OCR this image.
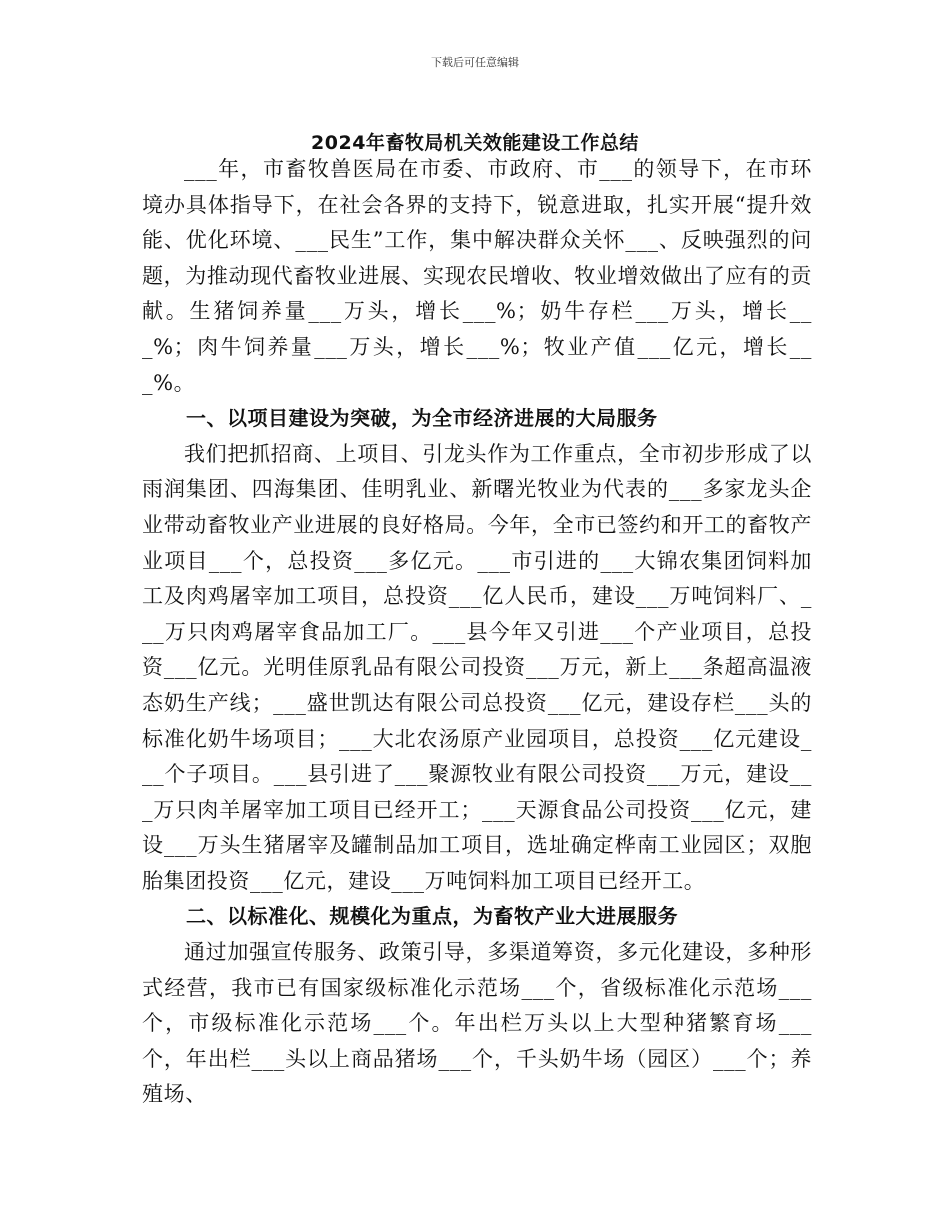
下载后可任意编辑
2024年畜牧局机关效能建设工作总结

___年，市畜牧兽医局在市委、市政府、市___的领导下，在市环境办具体指导下，在社会各界的支持下，锐意进取，扎实开展“提升效能、优化环境、___民生”工作，集中解决群众关怀___、反映强烈的问题，为推动现代畜牧业进展、实现农民增收、牧业增效做出了应有的贡献。生猪饲养量___万头，增长___%；奶牛存栏___万头，增长___%；肉牛饲养量___万头，增长___%；牧业产值___亿元，增长___%。

一、以项目建设为突破，为全市经济进展的大局服务

我们把抓招商、上项目、引龙头作为工作重点，全市初步形成了以雨润集团、四海集团、佳明乳业、新曙光牧业为代表的___多家龙头企业带动畜牧业产业进展的良好格局。今年，全市已签约和开工的畜牧产业项目___个，总投资___多亿元。___市引进的___大锦农集团饲料加工及肉鸡屠宰加工项目，总投资___亿人民币，建设___万吨饲料厂、___万只肉鸡屠宰食品加工厂。___县今年又引进___个产业项目，总投资___亿元。光明佳原乳品有限公司投资___万元，新上___条超高温液态奶生产线；___盛世凯达有限公司总投资___亿元，建设存栏___头的标准化奶牛场项目；___大北农汤原产业园项目，总投资___亿元建设___个子项目。___县引进了___聚源牧业有限公司投资___万元，建设___万只肉羊屠宰加工项目已经开工；___天源食品公司投资___亿元，建设___万头生猪屠宰及罐制品加工项目，选址确定桦南工业园区；双胞胎集团投资___亿元，建设___万吨饲料加工项目已经开工。

二、以标准化、规模化为重点，为畜牧产业大进展服务

通过加强宣传服务、政策引导，多渠道筹资，多元化建设，多种形式经营，我市已有国家级标准化示范场___个，省级标准化示范场___个，市级标准化示范场___个。年出栏万头以上大型种猪繁育场___个，年出栏___头以上商品猪场___个，千头奶牛场（园区）___个；养殖场、
